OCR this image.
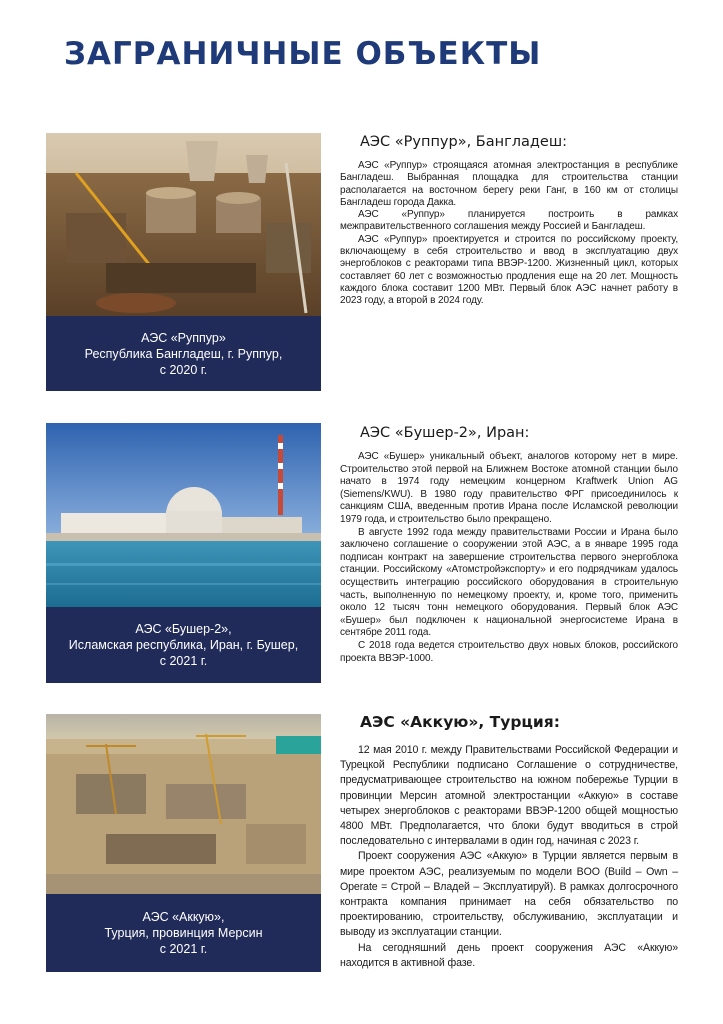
ЗАГРАНИЧНЫЕ ОБЪЕКТЫ
АЭС «Руппур»
Республика Бангладеш, г. Руппур,
с 2020 г.
АЭС «Руппур», Бангладеш:

АЭС «Руппур» строящаяся атомная электростанция в республике Бангладеш. Выбранная площадка для строительства станции располагается на восточном берегу реки Ганг, в 160 км от столицы Бангладеш города Дакка.

АЭС «Руппур» планируется построить в рамках межправительственного соглашения между Россией и Бангладеш.

АЭС «Руппур» проектируется и строится по российскому проекту, включающему в себя строительство и ввод в эксплуатацию двух энергоблоков с реакторами типа ВВЭР-1200. Жизненный цикл, которых составляет 60 лет с возможностью продления еще на 20 лет. Мощность каждого блока составит 1200 МВт. Первый блок АЭС начнет работу в 2023 году, а второй в 2024 году.

АЭС «Бушер-2»,
Исламская республика, Иран, г. Бушер,
с 2021 г.
АЭС «Бушер-2», Иран:

АЭС «Бушер» уникальный объект, аналогов которому нет в мире. Строительство этой первой на Ближнем Востоке атомной станции было начато в 1974 году немецким концерном Kraftwerk Union AG (Siemens/KWU). В 1980 году правительство ФРГ присоединилось к санкциям США, введенным против Ирана после Исламской революции 1979 года, и строительство было прекращено.

В августе 1992 года между правительствами России и Ирана было заключено соглашение о сооружении этой АЭС, а в январе 1995 года подписан контракт на завершение строительства первого энергоблока станции. Российскому «Атомстройэкспорту» и его подрядчикам удалось осуществить интеграцию российского оборудования в строительную часть, выполненную по немецкому проекту, и, кроме того, применить около 12 тысяч тонн немецкого оборудования. Первый блок АЭС «Бушер» был подключен к национальной энергосистеме Ирана в сентябре 2011 года.

С 2018 года ведется строительство двух новых блоков, российского проекта ВВЭР-1000.

АЭС «Аккую»,
Турция, провинция Мерсин
с 2021 г.
АЭС «Аккую», Турция:

12 мая 2010 г. между Правительствами Российской Федерации и Турецкой Республики подписано Соглашение о сотрудничестве, предусматривающее строительство на южном побережье Турции в провинции Мерсин атомной электростанции «Аккую» в составе четырех энергоблоков с реакторами ВВЭР-1200 общей мощностью 4800 МВт. Предполагается, что блоки будут вводиться в строй последовательно с интервалами в один год, начиная с 2023 г.

Проект сооружения АЭС «Аккую» в Турции является первым в мире проектом АЭС, реализуемым по модели BOO (Build – Own – Operate = Строй – Владей – Эксплуатируй). В рамках долгосрочного контракта компания принимает на себя обязательство по проектированию, строительству, обслуживанию, эксплуатации и выводу из эксплуатации станции.

На сегодняшний день проект сооружения АЭС «Аккую» находится в активной фазе.
